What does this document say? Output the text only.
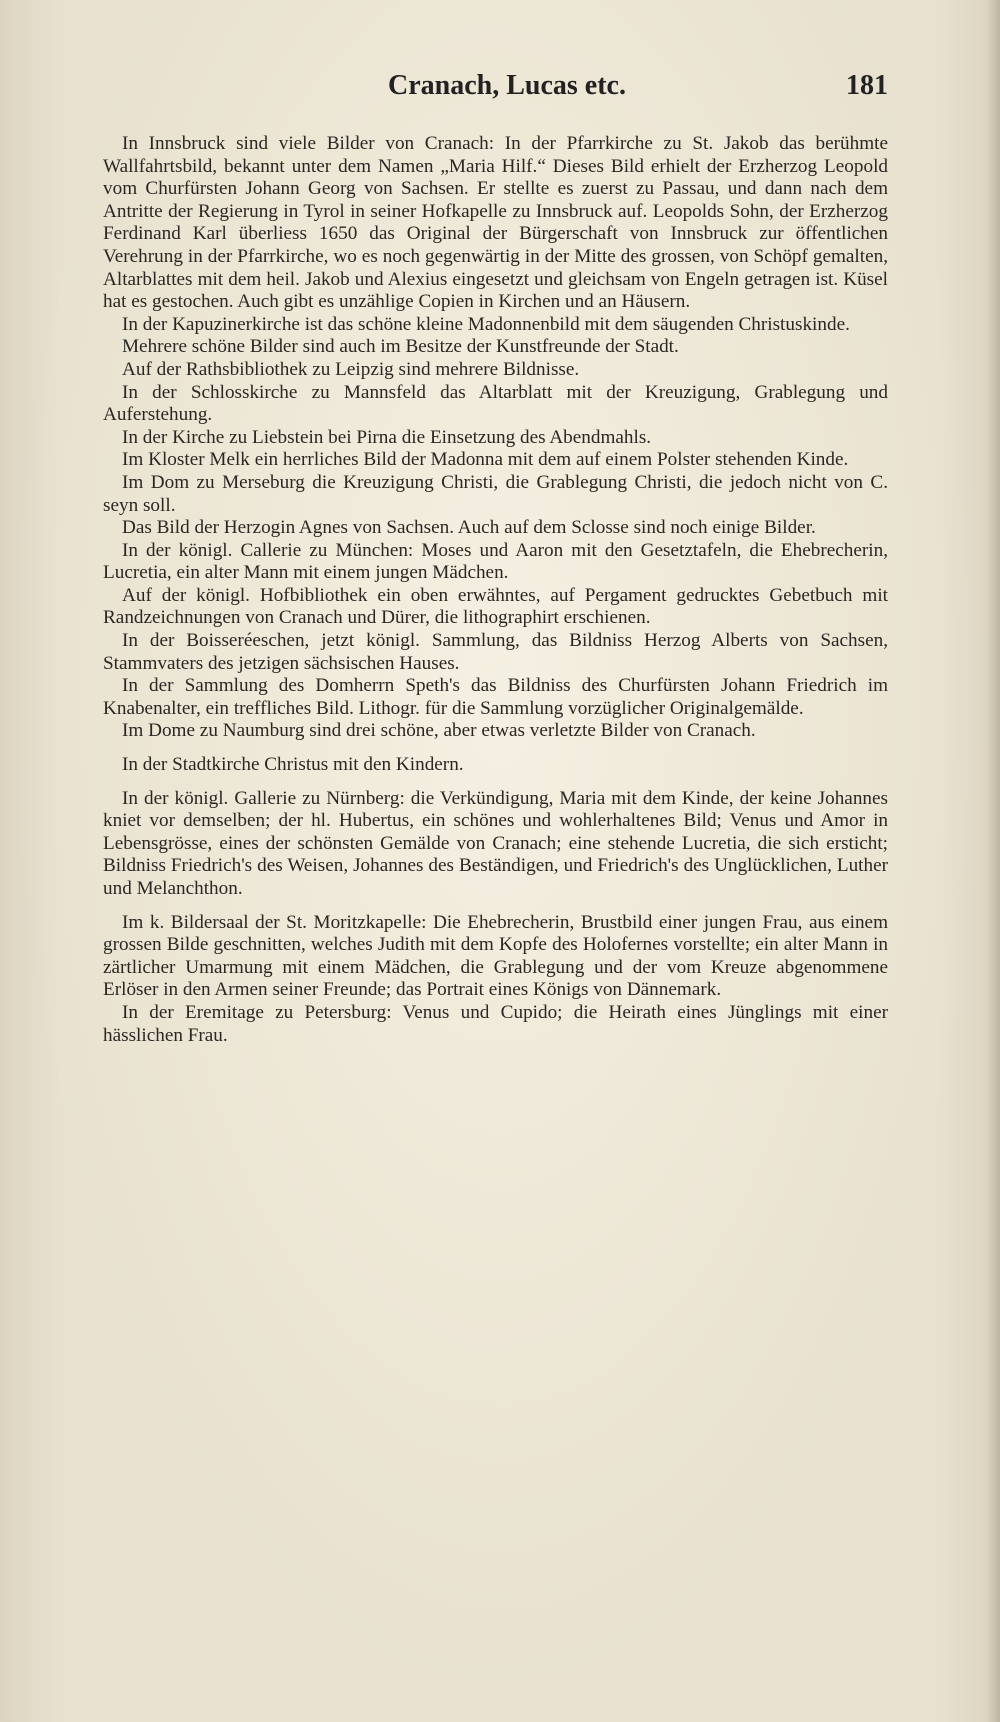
Cranach, Lucas etc.	181

In Innsbruck sind viele Bilder von Cranach: In der Pfarrkirche zu St. Jakob das berühmte Wallfahrtsbild, bekannt unter dem Namen „Maria Hilf.“ Dieses Bild erhielt der Erzherzog Leopold vom Churfürsten Johann Georg von Sachsen. Er stellte es zuerst zu Passau, und dann nach dem Antritte der Regierung in Tyrol in seiner Hofkapelle zu Innsbruck auf. Leopolds Sohn, der Erzherzog Ferdinand Karl überliess 1650 das Original der Bürgerschaft von Innsbruck zur öffentlichen Verehrung in der Pfarrkirche, wo es noch gegenwärtig in der Mitte des grossen, von Schöpf gemalten, Altarblattes mit dem heil. Jakob und Alexius eingesetzt und gleichsam von Engeln getragen ist. Küsel hat es gestochen. Auch gibt es unzählige Copien in Kirchen und an Häusern.

In der Kapuzinerkirche ist das schöne kleine Madonnenbild mit dem säugenden Christuskinde.

Mehrere schöne Bilder sind auch im Besitze der Kunstfreunde der Stadt.

Auf der Rathsbibliothek zu Leipzig sind mehrere Bildnisse.

In der Schlosskirche zu Mannsfeld das Altarblatt mit der Kreuzigung, Grablegung und Auferstehung.

In der Kirche zu Liebstein bei Pirna die Einsetzung des Abendmahls.

Im Kloster Melk ein herrliches Bild der Madonna mit dem auf einem Polster stehenden Kinde.

Im Dom zu Merseburg die Kreuzigung Christi, die Grablegung Christi, die jedoch nicht von C. seyn soll.

Das Bild der Herzogin Agnes von Sachsen. Auch auf dem Sclosse sind noch einige Bilder.

In der königl. Callerie zu München: Moses und Aaron mit den Gesetztafeln, die Ehebrecherin, Lucretia, ein alter Mann mit einem jungen Mädchen.

Auf der königl. Hofbibliothek ein oben erwähntes, auf Pergament gedrucktes Gebetbuch mit Randzeichnungen von Cranach und Dürer, die lithographirt erschienen.

In der Boisseréeschen, jetzt königl. Sammlung, das Bildniss Herzog Alberts von Sachsen, Stammvaters des jetzigen sächsischen Hauses.

In der Sammlung des Domherrn Speth's das Bildniss des Churfürsten Johann Friedrich im Knabenalter, ein treffliches Bild. Lithogr. für die Sammlung vorzüglicher Originalgemälde.

Im Dome zu Naumburg sind drei schöne, aber etwas verletzte Bilder von Cranach.

In der Stadtkirche Christus mit den Kindern.

In der königl. Gallerie zu Nürnberg: die Verkündigung, Maria mit dem Kinde, der keine Johannes kniet vor demselben; der hl. Hubertus, ein schönes und wohlerhaltenes Bild; Venus und Amor in Lebensgrösse, eines der schönsten Gemälde von Cranach; eine stehende Lucretia, die sich ersticht; Bildniss Friedrich's des Weisen, Johannes des Beständigen, und Friedrich's des Unglücklichen, Luther und Melanchthon.

Im k. Bildersaal der St. Moritzkapelle: Die Ehebrecherin, Brustbild einer jungen Frau, aus einem grossen Bilde geschnitten, welches Judith mit dem Kopfe des Holofernes vorstellte; ein alter Mann in zärtlicher Umarmung mit einem Mädchen, die Grablegung und der vom Kreuze abgenommene Erlöser in den Armen seiner Freunde; das Portrait eines Königs von Dännemark.

In der Eremitage zu Petersburg: Venus und Cupido; die Heirath eines Jünglings mit einer hässlichen Frau.
